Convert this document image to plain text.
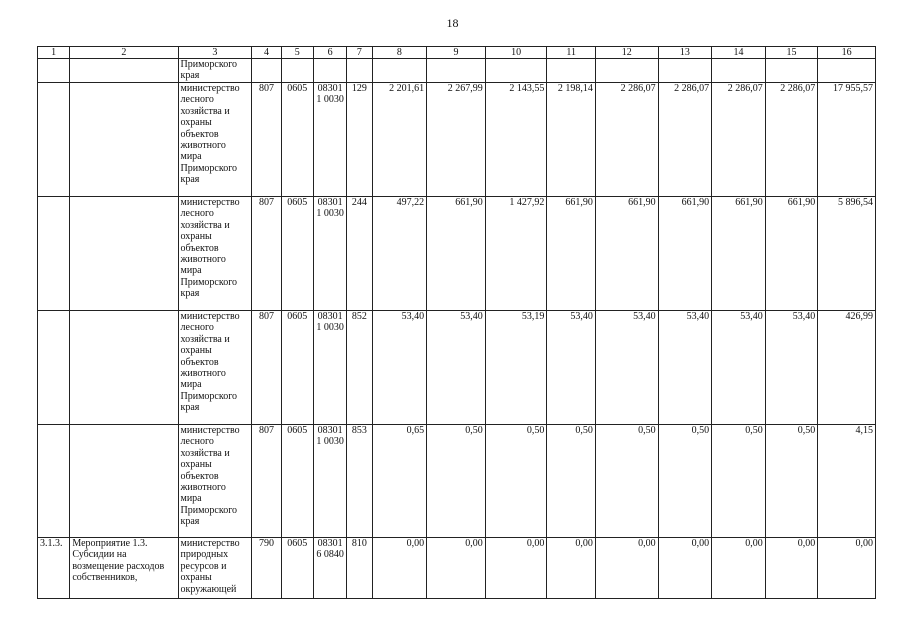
18
1	2	3	4	5	6	7	8	9	10	11	12	13	14	15	16
		Приморского края													
		министерство лесного хозяйства и охраны объектов животного мира Приморского края	807	0605	083011 0030	129	2 201,61	2 267,99	2 143,55	2 198,14	2 286,07	2 286,07	2 286,07	2 286,07	17 955,57
		министерство лесного хозяйства и охраны объектов животного мира Приморского края	807	0605	083011 0030	244	497,22	661,90	1 427,92	661,90	661,90	661,90	661,90	661,90	5 896,54
		министерство лесного хозяйства и охраны объектов животного мира Приморского края	807	0605	083011 0030	852	53,40	53,40	53,19	53,40	53,40	53,40	53,40	53,40	426,99
		министерство лесного хозяйства и охраны объектов животного мира Приморского края	807	0605	083011 0030	853	0,65	0,50	0,50	0,50	0,50	0,50	0,50	0,50	4,15
3.1.3.	Мероприятие 1.3. Субсидии на возмещение расходов собственников,	министерство природных ресурсов и охраны окружающей	790	0605	083016 0840	810	0,00	0,00	0,00	0,00	0,00	0,00	0,00	0,00	0,00
